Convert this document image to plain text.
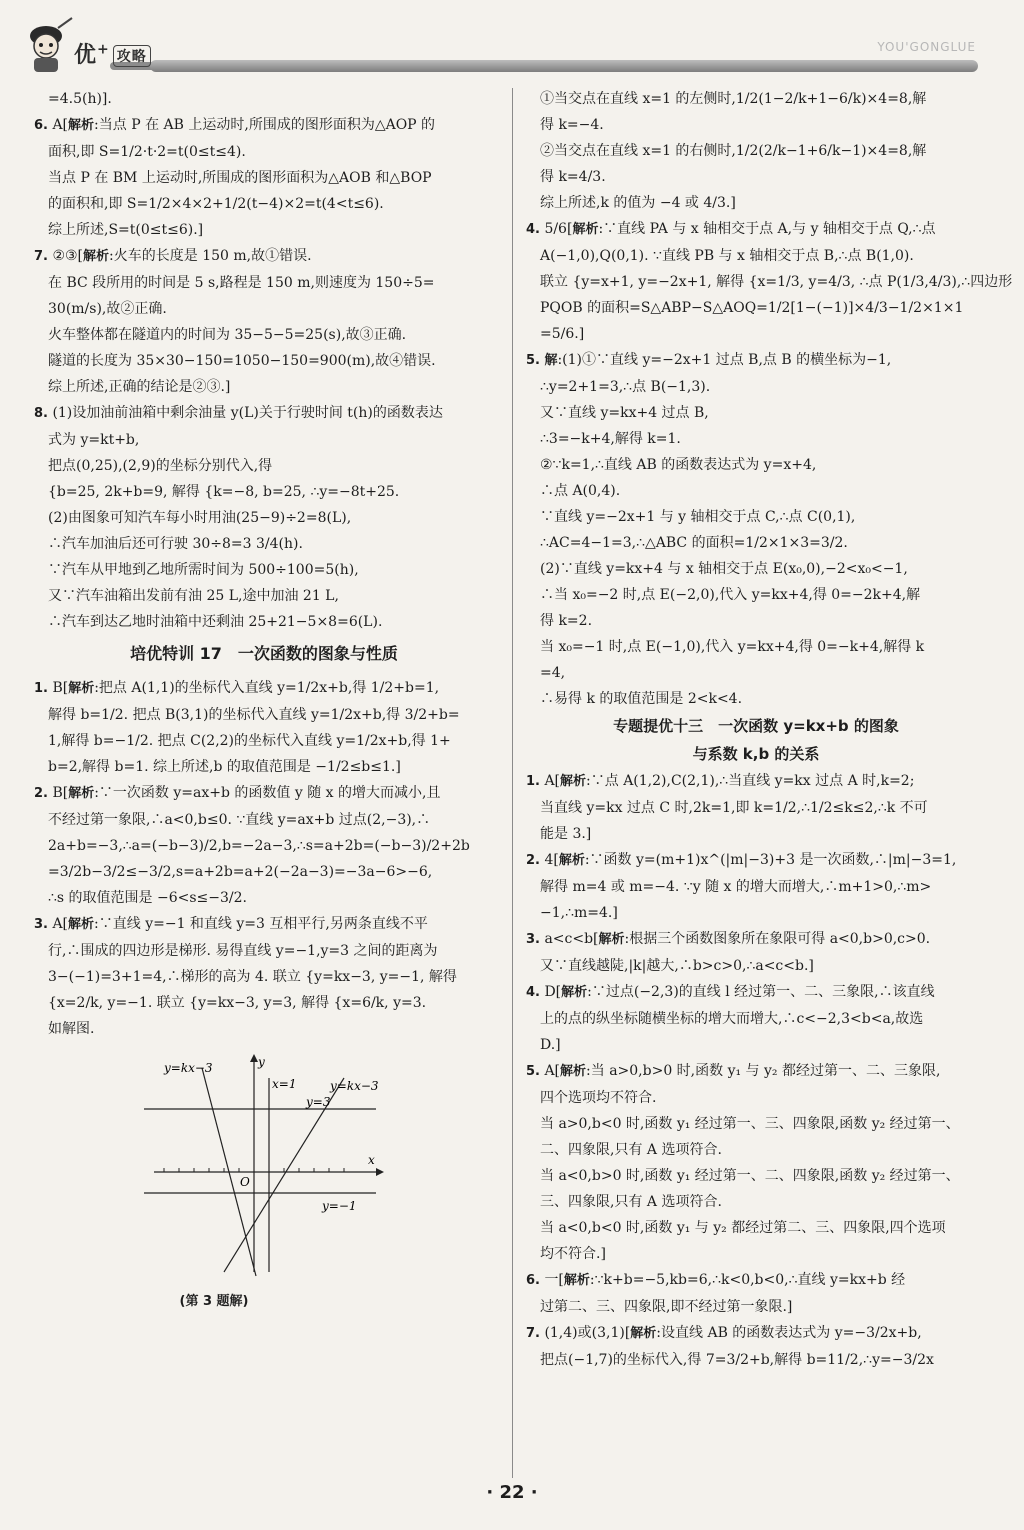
优+ 攻略
YOU'GONGLUE

=4.5(h)].

6. A[解析:当点 P 在 AB 上运动时,所围成的图形面积为△AOP 的

面积,即 S=1/2·t·2=t(0≤t≤4).

当点 P 在 BM 上运动时,所围成的图形面积为△AOB 和△BOP

的面积和,即 S=1/2×4×2+1/2(t−4)×2=t(4<t≤6).

综上所述,S=t(0≤t≤6).]

7. ②③[解析:火车的长度是 150 m,故①错误.

在 BC 段所用的时间是 5 s,路程是 150 m,则速度为 150÷5=

30(m/s),故②正确.

火车整体都在隧道内的时间为 35−5−5=25(s),故③正确.

隧道的长度为 35×30−150=1050−150=900(m),故④错误.

综上所述,正确的结论是②③.]

8. (1)设加油前油箱中剩余油量 y(L)关于行驶时间 t(h)的函数表达

式为 y=kt+b,

把点(0,25),(2,9)的坐标分别代入,得

{b=25, 2k+b=9, 解得 {k=−8, b=25, ∴y=−8t+25.

(2)由图象可知汽车每小时用油(25−9)÷2=8(L),

∴汽车加油后还可行驶 30÷8=3 3/4(h).

∵汽车从甲地到乙地所需时间为 500÷100=5(h),

又∵汽车油箱出发前有油 25 L,途中加油 21 L,

∴汽车到达乙地时油箱中还剩油 25+21−5×8=6(L).

培优特训 17　一次函数的图象与性质

1. B[解析:把点 A(1,1)的坐标代入直线 y=1/2x+b,得 1/2+b=1,

解得 b=1/2. 把点 B(3,1)的坐标代入直线 y=1/2x+b,得 3/2+b=

1,解得 b=−1/2. 把点 C(2,2)的坐标代入直线 y=1/2x+b,得 1+

b=2,解得 b=1. 综上所述,b 的取值范围是 −1/2≤b≤1.]

2. B[解析:∵一次函数 y=ax+b 的函数值 y 随 x 的增大而减小,且

不经过第一象限,∴a<0,b≤0. ∵直线 y=ax+b 过点(2,−3),∴

2a+b=−3,∴a=(−b−3)/2,b=−2a−3,∴s=a+2b=(−b−3)/2+2b

=3/2b−3/2≤−3/2,s=a+2b=a+2(−2a−3)=−3a−6>−6,

∴s 的取值范围是 −6<s≤−3/2.

3. A[解析:∵直线 y=−1 和直线 y=3 互相平行,另两条直线不平

行,∴围成的四边形是梯形. 易得直线 y=−1,y=3 之间的距离为

3−(−1)=3+1=4,∴梯形的高为 4. 联立 {y=kx−3, y=−1, 解得

{x=2/k, y=−1. 联立 {y=kx−3, y=3, 解得 {x=6/k, y=3.

如解图.

y=kx−3
x=1
y=3
y=kx−3
O
x
y
y=−1
(第 3 题解)

①当交点在直线 x=1 的左侧时,1/2(1−2/k+1−6/k)×4=8,解

得 k=−4.

②当交点在直线 x=1 的右侧时,1/2(2/k−1+6/k−1)×4=8,解

得 k=4/3.

综上所述,k 的值为 −4 或 4/3.]

4. 5/6[解析:∵直线 PA 与 x 轴相交于点 A,与 y 轴相交于点 Q,∴点

A(−1,0),Q(0,1). ∵直线 PB 与 x 轴相交于点 B,∴点 B(1,0).

联立 {y=x+1, y=−2x+1, 解得 {x=1/3, y=4/3, ∴点 P(1/3,4/3),∴四边形

PQOB 的面积=S△ABP−S△AOQ=1/2[1−(−1)]×4/3−1/2×1×1

=5/6.]

5. 解:(1)①∵直线 y=−2x+1 过点 B,点 B 的横坐标为−1,

∴y=2+1=3,∴点 B(−1,3).

又∵直线 y=kx+4 过点 B,

∴3=−k+4,解得 k=1.

②∵k=1,∴直线 AB 的函数表达式为 y=x+4,

∴点 A(0,4).

∵直线 y=−2x+1 与 y 轴相交于点 C,∴点 C(0,1),

∴AC=4−1=3,∴△ABC 的面积=1/2×1×3=3/2.

(2)∵直线 y=kx+4 与 x 轴相交于点 E(x₀,0),−2<x₀<−1,

∴当 x₀=−2 时,点 E(−2,0),代入 y=kx+4,得 0=−2k+4,解

得 k=2.

当 x₀=−1 时,点 E(−1,0),代入 y=kx+4,得 0=−k+4,解得 k

=4,

∴易得 k 的取值范围是 2<k<4.

专题提优十三　一次函数 y=kx+b 的图象
与系数 k,b 的关系

1. A[解析:∵点 A(1,2),C(2,1),∴当直线 y=kx 过点 A 时,k=2;

当直线 y=kx 过点 C 时,2k=1,即 k=1/2,∴1/2≤k≤2,∴k 不可

能是 3.]

2. 4[解析:∵函数 y=(m+1)x^(|m|−3)+3 是一次函数,∴|m|−3=1,

解得 m=4 或 m=−4. ∵y 随 x 的增大而增大,∴m+1>0,∴m>

−1,∴m=4.]

3. a<c<b[解析:根据三个函数图象所在象限可得 a<0,b>0,c>0.

又∵直线越陡,|k|越大,∴b>c>0,∴a<c<b.]

4. D[解析:∵过点(−2,3)的直线 l 经过第一、二、三象限,∴该直线

上的点的纵坐标随横坐标的增大而增大,∴c<−2,3<b<a,故选

D.]

5. A[解析:当 a>0,b>0 时,函数 y₁ 与 y₂ 都经过第一、二、三象限,

四个选项均不符合.

当 a>0,b<0 时,函数 y₁ 经过第一、三、四象限,函数 y₂ 经过第一、

二、四象限,只有 A 选项符合.

当 a<0,b>0 时,函数 y₁ 经过第一、二、四象限,函数 y₂ 经过第一、

三、四象限,只有 A 选项符合.

当 a<0,b<0 时,函数 y₁ 与 y₂ 都经过第二、三、四象限,四个选项

均不符合.]

6. 一[解析:∵k+b=−5,kb=6,∴k<0,b<0,∴直线 y=kx+b 经

过第二、三、四象限,即不经过第一象限.]

7. (1,4)或(3,1)[解析:设直线 AB 的函数表达式为 y=−3/2x+b,

把点(−1,7)的坐标代入,得 7=3/2+b,解得 b=11/2,∴y=−3/2x

· 22 ·
